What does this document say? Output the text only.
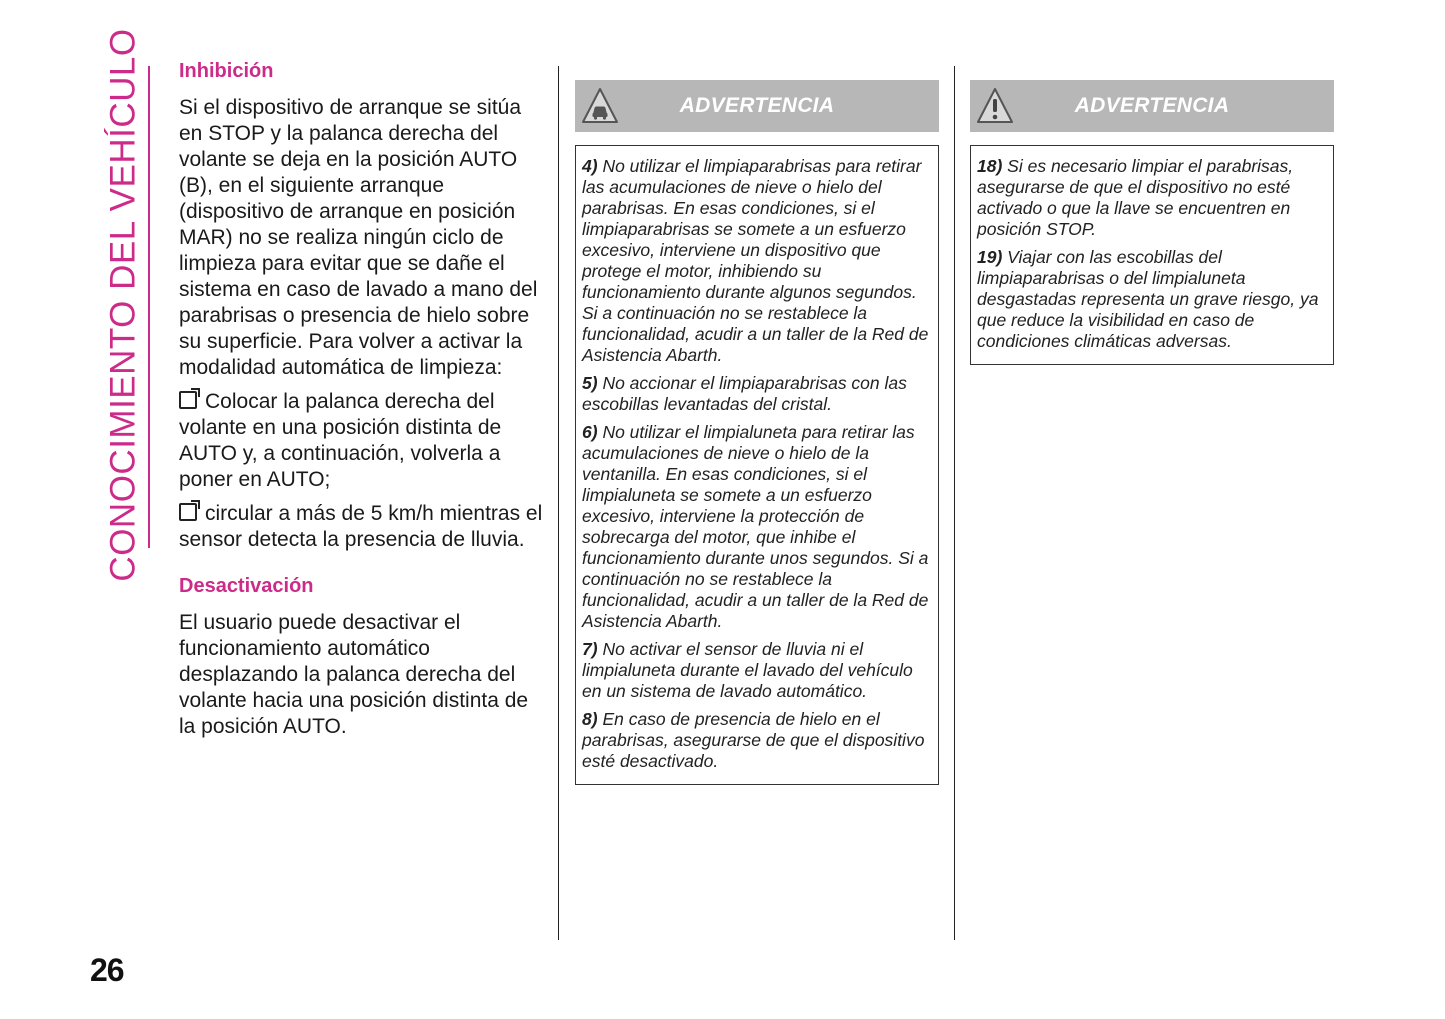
CONOCIMIENTO DEL VEHÍCULO Inhibición

Si el dispositivo de arranque se sitúa en STOP y la palanca derecha del volante se deja en la posición AUTO (B), en el siguiente arranque (dispositivo de arranque en posición MAR) no se realiza ningún ciclo de limpieza para evitar que se dañe el sistema en caso de lavado a mano del parabrisas o presencia de hielo sobre su superficie. Para volver a activar la modalidad automática de limpieza:

Colocar la palanca derecha del volante en una posición distinta de AUTO y, a continuación, volverla a poner en AUTO;
circular a más de 5 km/h mientras el sensor detecta la presencia de lluvia.
Desactivación

El usuario puede desactivar el funcionamiento automático desplazando la palanca derecha del volante hacia una posición distinta de la posición AUTO.

ADVERTENCIA

4) No utilizar el limpiaparabrisas para retirar las acumulaciones de nieve o hielo del parabrisas. En esas condiciones, si el limpiaparabrisas se somete a un esfuerzo excesivo, interviene un dispositivo que protege el motor, inhibiendo su funcionamiento durante algunos segundos. Si a continuación no se restablece la funcionalidad, acudir a un taller de la Red de Asistencia Abarth.

5) No accionar el limpiaparabrisas con las escobillas levantadas del cristal.

6) No utilizar el limpialuneta para retirar las acumulaciones de nieve o hielo de la ventanilla. En esas condiciones, si el limpialuneta se somete a un esfuerzo excesivo, interviene la protección de sobrecarga del motor, que inhibe el funcionamiento durante unos segundos. Si a continuación no se restablece la funcionalidad, acudir a un taller de la Red de Asistencia Abarth.

7) No activar el sensor de lluvia ni el limpialuneta durante el lavado del vehículo en un sistema de lavado automático.

8) En caso de presencia de hielo en el parabrisas, asegurarse de que el dispositivo esté desactivado.

ADVERTENCIA

18) Si es necesario limpiar el parabrisas, asegurarse de que el dispositivo no esté activado o que la llave se encuentren en posición STOP.

19) Viajar con las escobillas del limpiaparabrisas o del limpialuneta desgastadas representa un grave riesgo, ya que reduce la visibilidad en caso de condiciones climáticas adversas.

26
